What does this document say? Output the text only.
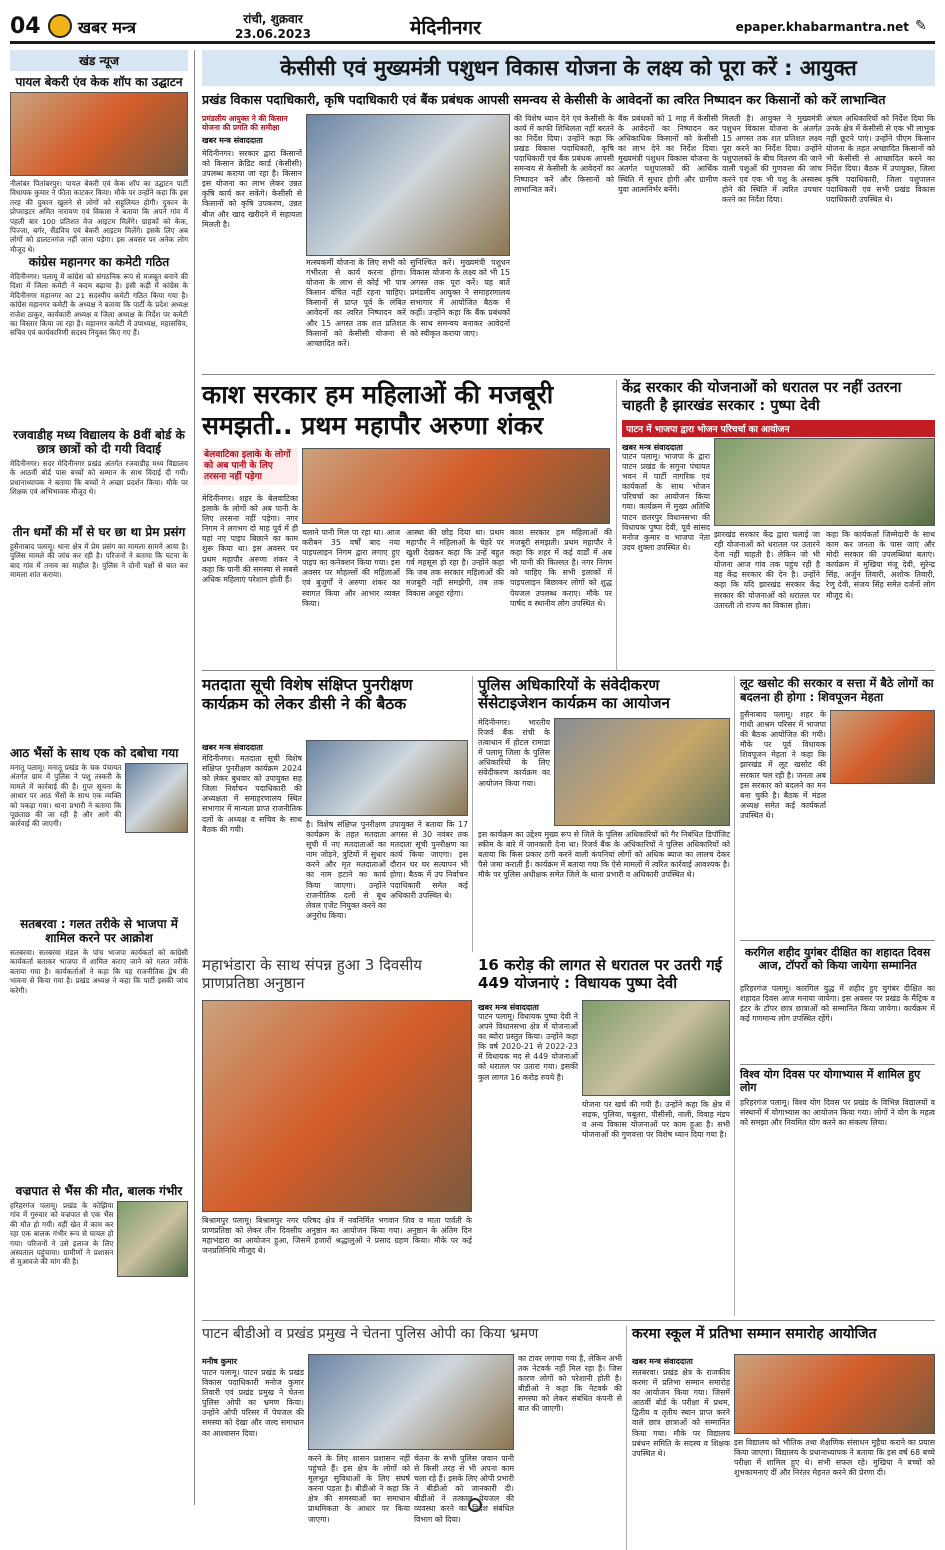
04 खबर मन्त्र	रांची, शुक्रवार
23.06.2023	मेदिनीनगर	epaper.khabarmantra.net ✎
खंड न्यूज
पायल बेकरी एंव केक शॉप का उद्घाटन
नीलांबर पितांबरपुर। पायल बेकरी एवं केक शॉप का उद्घाटन पार्टी विधायक कुमार ने फीता काटकर किया। मौके पर उन्होंने कहा कि इस तरह की दुकान खुलने से लोगों को सहूलियत होगी। दुकान के प्रोपराइटर अमित नारायण एवं विकास ने बताया कि अपने गांव में पहली बार 100 प्रतिशत वेज आइटम मिलेंगे। ग्राहकों को केक, पिज्जा, बर्गर, सैंडविच एवं बेकरी आइटम मिलेंगे। इसके लिए अब लोगों को डालटनगंज नहीं जाना पड़ेगा। इस अवसर पर अनेक लोग मौजूद थे।
कांग्रेस महानगर का कमेटी गठित
मेदिनीनगर। पलामू में कांग्रेस को संगठनिक रूप से मजबूत बनाने की दिशा में जिला कमेटी ने कदम बढ़ाया है। इसी कड़ी में कांग्रेस के मेदिनीनगर महानगर का 21 सदस्यीय कमेटी गठित किया गया है। कांग्रेस महानगर कमेटी के अध्यक्ष ने बताया कि पार्टी के प्रदेश अध्यक्ष राजेश ठाकुर, कार्यकारी अध्यक्ष व जिला अध्यक्ष के निर्देश पर कमेटी का विस्तार किया जा रहा है। महानगर कमेटी में उपाध्यक्ष, महासचिव, सचिव एवं कार्यकारिणी सदस्य नियुक्त किए गए हैं।
रजवाडीह मध्य विद्यालय के 8वीं बोर्ड के छात्र छात्रों को दी गयी विदाई
मेदिनीनगर। सदर मेदिनीनगर प्रखंड अंतर्गत रजवाडीह मध्य विद्यालय के आठवीं बोर्ड पास बच्चों को सम्मान के साथ विदाई दी गयी। प्रधानाध्यापक ने बताया कि बच्चों ने अच्छा प्रदर्शन किया। मौके पर शिक्षक एवं अभिभावक मौजूद थे।
तीन धर्मों की माँ से घर छा था प्रेम प्रसंग
हुसैनाबाद पलामू। थाना क्षेत्र में प्रेम प्रसंग का मामला सामने आया है। पुलिस मामले की जांच कर रही है। परिजनों ने बताया कि घटना के बाद गांव में तनाव का माहौल है। पुलिस ने दोनों पक्षों से बात कर मामला शांत कराया।
आठ भैंसों के साथ एक को दबोचा गया
मनातू पलामू। मनातू प्रखंड के चक पंचायत अंतर्गत ग्राम में पुलिस ने पशु तस्करी के मामले में कार्रवाई की है। गुप्त सूचना के आधार पर आठ भैंसों के साथ एक व्यक्ति को पकड़ा गया। थाना प्रभारी ने बताया कि पूछताछ की जा रही है और आगे की कार्रवाई की जाएगी।
सतबरवा : गलत तरीके से भाजपा में शामिल करने पर आक्रोश
सतबरवा। सतबरवा मंडल के पांच भाजपा कार्यकर्ता को कांग्रेसी कार्यकर्ता बताकर भाजपा में शामिल कराए जाने को गलत तरीके बताया गया है। कार्यकर्ताओं ने कहा कि यह राजनीतिक द्वेष की भावना से किया गया है। प्रखंड अध्यक्ष ने कहा कि पार्टी इसकी जांच करेगी।
वज्रपात से भैंस की मौत, बालक गंभीर
हरिहरगंज पलामू। प्रखंड के कोझिया गांव में गुरुवार को वज्रपात से एक भैंस की मौत हो गयी। वहीं खेत में काम कर रहा एक बालक गंभीर रूप से घायल हो गया। परिजनों ने उसे इलाज के लिए अस्पताल पहुंचाया। ग्रामीणों ने प्रशासन से मुआवजे की मांग की है।
केसीसी एवं मुख्यमंत्री पशुधन विकास योजना के लक्ष्य को पूरा करें : आयुक्त
प्रखंड विकास पदाधिकारी, कृषि पदाधिकारी एवं बैंक प्रबंधक आपसी समन्वय से केसीसी के आवेदनों का त्वरित निष्पादन कर किसानों को करें लाभान्वित
प्रमंडलीय आयुक्त ने की किसान योजना की प्रगति की समीक्षा
खबर मन्त्र संवाददाता
मेदिनीनगर। सरकार द्वारा किसानों को किसान क्रेडिट कार्ड (केसीसी) उपलब्ध कराया जा रहा है। किसान इस योजना का लाभ लेकर उन्नत कृषि कार्य कर सकेंगे। केसीसी से किसानों को कृषि उपकरण, उन्नत बीज और खाद खरीदने में सहायता मिलती है।
मत्स्यकर्मी योजना के लिए सभी को गंभीरता से कार्य करना होगा। योजना के लाभ से कोई भी पात्र किसान वंचित नहीं रहना चाहिए। किसानों से प्राप्त पूर्व के लंबित आवेदनों का त्वरित निष्पादन करें और 15 अगस्त तक शत प्रतिशत किसानों को केसीसी योजना से आच्छादित करें।
सुनिश्चित करें। मुख्यमंत्री पशुधन विकास योजना के लक्ष्य को भी 15 अगस्त तक पूरा करें। यह बातें प्रमंडलीय आयुक्त ने समाहरणालय सभागार में आयोजित बैठक में कहीं। उन्होंने कहा कि बैंक प्रबंधकों के साथ समन्वय बनाकर आवेदनों को स्वीकृत कराया जाए।
की विशेष ध्यान देने एवं केसीसी के कार्य में काफी शिथिलता नहीं बरतने का निर्देश दिया। उन्होंने कहा कि प्रखंड विकास पदाधिकारी, कृषि पदाधिकारी एवं बैंक प्रबंधक आपसी समन्वय से केसीसी के आवेदनों का निष्पादन करें और किसानों को लाभान्वित करें।
बैंक प्रबंधकों को 1 माह में केसीसी के आवेदनों का निष्पादन कर अधिकाधिक किसानों को केसीसी का लाभ देने का निर्देश दिया। मुख्यमंत्री पशुधन विकास योजना के अंतर्गत पशुपालकों की आर्थिक स्थिति में सुधार होगी और ग्रामीण युवा आत्मनिर्भर बनेंगे।
मिलती है। आयुक्त ने मुख्यमंत्री पशुधन विकास योजना के अंतर्गत 15 अगस्त तक शत प्रतिशत लक्ष्य पूरा करने का निर्देश दिया। उन्होंने पशुपालकों के बीच वितरण की जाने वाली पशुओं की गुणवत्ता की जांच करने एवं एक भी पशु के अस्वस्थ होने की स्थिति में त्वरित उपचार करने का निर्देश दिया।
अंचल अधिकारियों को निर्देश दिया कि उनके क्षेत्र में केसीसी से एक भी लाभुक नहीं छूटने पाएं। उन्होंने पीएम किसान योजना के तहत अच्छादित किसानों को भी केसीसी से आच्छादित करने का निर्देश दिया। बैठक में उपायुक्त, जिला कृषि पदाधिकारी, जिला पशुपालन पदाधिकारी एवं सभी प्रखंड विकास पदाधिकारी उपस्थित थे।
काश सरकार हम महिलाओं की मजबूरी
समझती.. प्रथम महापौर अरुणा शंकर
बेलवाटिका इलाके के लोगों को अब पानी के लिए तरसना नहीं पड़ेगा
मेदिनीनगर। शहर के बेलवाटिका इलाके के लोगों को अब पानी के लिए तरसना नहीं पड़ेगा। नगर निगम ने लगभग दो माह पूर्व में ही यहां नए पाइप बिछाने का काम शुरू किया था। इस अवसर पर प्रथम महापौर अरुणा शंकर ने कहा कि पानी की समस्या से सबसे अधिक महिलाएं परेशान होती हैं।
चलाने पानी मिल पा रहा था। आज करीबन 35 वर्षों बाद नया पाइपलाइन निगम द्वारा लगाए हुए पाइप का कनेक्शन किया गया। इस अवसर पर मोहल्लों की महिलाओं एवं बुजुर्गों ने अरुणा शंकर का स्वागत किया और आभार व्यक्त किया।
आस्था की छोड़ दिया था। प्रथम महापौर ने महिलाओं के चेहरे पर खुशी देखकर कहा कि उन्हें बहुत गर्व महसूस हो रहा है। उन्होंने कहा कि जब तक सरकार महिलाओं की मजबूरी नहीं समझेगी, तब तक विकास अधूरा रहेगा।
काश सरकार हम महिलाओं की मजबूरी समझती। प्रथम महापौर ने कहा कि शहर में कई वार्डों में अब भी पानी की किल्लत है। नगर निगम को चाहिए कि सभी इलाकों में पाइपलाइन बिछाकर लोगों को शुद्ध पेयजल उपलब्ध कराए। मौके पर पार्षद व स्थानीय लोग उपस्थित थे।
केंद्र सरकार की योजनाओं को धरातल पर नहीं उतरना चाहती है झारखंड सरकार : पुष्पा देवी
पाटन में भाजपा द्वारा भोजन परिचर्चा का आयोजन
खबर मन्त्र संवाददाता
पाटन पलामू। भाजपा के द्वारा पाटन प्रखंड के सगुना पंचायत भवन में पार्टी नागरिक एवं कार्यकर्ता के साथ भोजन परिचर्चा का आयोजन किया गया। कार्यक्रम में मुख्य अतिथि पाटन छतरपुर विधानसभा की विधायक पुष्पा देवी, पूर्व सांसद मनोज कुमार व भाजपा नेता उदय शुक्ला उपस्थित थे।
झारखंड सरकार केंद्र द्वारा चलाई जा रही योजनाओं को धरातल पर उतारने देना नहीं चाहती है। लेकिन जो भी योजना आज गांव तक पहुंच रही है वह केंद्र सरकार की देन है। उन्होंने कहा कि यदि झारखंड सरकार केंद्र सरकार की योजनाओं को धरातल पर उतारती तो राज्य का विकास होता।
कहा कि कार्यकर्ता जिम्मेदारी के साथ काम कर जनता के पास जाएं और मोदी सरकार की उपलब्धियां बताएं। कार्यक्रम में मुखिया मंजू देवी, सुरेन्द्र सिंह, अर्जुन तिवारी, अशोक तिवारी, रेणु देवी, संजय सिंह समेत दर्जनों लोग मौजूद थे।
मतदाता सूची विशेष संक्षिप्त पुनरीक्षण कार्यक्रम को लेकर डीसी ने की बैठक
खबर मन्त्र संवाददाता
मेदिनीनगर। मतदाता सूची विशेष संक्षिप्त पुनरीक्षण कार्यक्रम 2024 को लेकर बुधवार को उपायुक्त सह जिला निर्वाचन पदाधिकारी की अध्यक्षता में समाहरणालय स्थित सभागार में मान्यता प्राप्त राजनीतिक दलों के अध्यक्ष व सचिव के साथ बैठक की गयी।
है। विशेष संक्षिप्त पुनरीक्षण कार्यक्रम के तहत मतदाता सूची में नए मतदाताओं का नाम जोड़ने, त्रुटियों में सुधार करने और मृत मतदाताओं का नाम हटाने का कार्य किया जाएगा। उन्होंने राजनीतिक दलों से बूथ लेवल एजेंट नियुक्त करने का अनुरोध किया।
उपायुक्त ने बताया कि 17 अगस्त से 30 नवंबर तक मतदाता सूची पुनरीक्षण का कार्य किया जाएगा। इस दौरान घर घर सत्यापन भी होगा। बैठक में उप निर्वाचन पदाधिकारी समेत कई अधिकारी उपस्थित थे।
पुलिस अधिकारियों के संवेदीकरण सेंसेटाइजेशन कार्यक्रम का आयोजन
मेदिनीनगर। भारतीय रिजर्व बैंक रांची के तत्वाधान में होटल रामाडा में पलामू जिला के पुलिस अधिकारियों के लिए संवेदीकरण कार्यक्रम का आयोजन किया गया।
इस कार्यक्रम का उद्देश्य मुख्य रूप से जिले के पुलिस अधिकारियों को गैर निबंधित डिपॉजिट स्कीम के बारे में जानकारी देना था। रिजर्व बैंक के अधिकारियों ने पुलिस अधिकारियों को बताया कि किस प्रकार ठगी करने वाली कंपनियां लोगों को अधिक ब्याज का लालच देकर पैसे जमा कराती हैं। कार्यक्रम में बताया गया कि ऐसे मामलों में त्वरित कार्रवाई आवश्यक है। मौके पर पुलिस अधीक्षक समेत जिले के थाना प्रभारी व अधिकारी उपस्थित थे।
लूट खसोट की सरकार व सत्ता में बैठे लोगों का बदलना ही होगा : शिवपूजन मेहता
हुसैनाबाद पलामू। शहर के गांधी आश्रम परिसर में भाजपा की बैठक आयोजित की गयी। मौके पर पूर्व विधायक शिवपूजन मेहता ने कहा कि झारखंड में लूट खसोट की सरकार चल रही है। जनता अब इस सरकार को बदलने का मन बना चुकी है। बैठक में मंडल अध्यक्ष समेत कई कार्यकर्ता उपस्थित थे।
करगिल शहीद युगंबर दीक्षित का शहादत दिवस आज, टॉपरों को किया जायेगा सम्मानित
हरिहरगंज पलामू। कारगिल युद्ध में शहीद हुए युगंबर दीक्षित का शहादत दिवस आज मनाया जायेगा। इस अवसर पर प्रखंड के मैट्रिक व इंटर के टॉपर छात्र छात्राओं को सम्मानित किया जायेगा। कार्यक्रम में कई गणमान्य लोग उपस्थित रहेंगे।
विश्व योग दिवस पर योगाभ्यास में शामिल हुए लोग
हरिहरगंज पलामू। विश्व योग दिवस पर प्रखंड के विभिन्न विद्यालयों व संस्थानों में योगाभ्यास का आयोजन किया गया। लोगों ने योग के महत्व को समझा और नियमित योग करने का संकल्प लिया।
महाभंडारा के साथ संपन्न हुआ 3 दिवसीय प्राणप्रतिष्ठा अनुष्ठान
बिश्रामपुर पलामू। बिश्रामपुर नगर परिषद क्षेत्र में नवनिर्मित भगवान शिव व माता पार्वती के प्राणप्रतिष्ठा को लेकर तीन दिवसीय अनुष्ठान का आयोजन किया गया। अनुष्ठान के अंतिम दिन महाभंडारा का आयोजन हुआ, जिसमें हजारों श्रद्धालुओं ने प्रसाद ग्रहण किया। मौके पर कई जनप्रतिनिधि मौजूद थे।
16 करोड़ की लागत से धरातल पर उतरी गई 449 योजनाएं : विधायक पुष्पा देवी
खबर मन्त्र संवाददाता
पाटन पलामू। विधायक पुष्पा देवी ने अपने विधानसभा क्षेत्र में योजनाओं का ब्योरा प्रस्तुत किया। उन्होंने कहा कि वर्ष 2020-21 से 2022-23 में विधायक मद से 449 योजनाओं को धरातल पर उतारा गया। इसकी कुल लागत 16 करोड़ रुपये है।
योजना पर खर्च की गयी है। उन्होंने कहा कि क्षेत्र में सड़क, पुलिया, चबूतरा, पीसीसी, नाली, विवाह मंडप व अन्य विकास योजनाओं पर काम हुआ है। सभी योजनाओं की गुणवत्ता पर विशेष ध्यान दिया गया है।
पाटन बीडीओ व प्रखंड प्रमुख ने चेतना पुलिस ओपी का किया भ्रमण
मनीष कुमार
पाटन पलामू। पाटन प्रखंड के प्रखंड विकास पदाधिकारी मनोज कुमार तिवारी एवं प्रखंड प्रमुख ने चेतना पुलिस ओपी का भ्रमण किया। उन्होंने ओपी परिसर में पेयजल की समस्या को देखा और जल्द समाधान का आश्वासन दिया।
करने के लिए शासन प्रशासन नहीं पहुंचते हैं। इस क्षेत्र के लोगों को मूलभूत सुविधाओं के लिए संघर्ष करना पड़ता है। बीडीओ ने कहा कि क्षेत्र की समस्याओं का समाधान प्राथमिकता के आधार पर किया जाएगा।
चेतना के सभी पुलिस जवान पानी से किसी तरह से भी अपना काम चला रहे हैं। इसके लिए ओपी प्रभारी ने बीडीओ को जानकारी दी। बीडीओ ने तत्काल पेयजल की व्यवस्था करने का निर्देश संबंधित विभाग को दिया।
का टावर लगाया गया है, लेकिन अभी तक नेटवर्क नहीं मिल रहा है। जिस कारण लोगों को परेशानी होती है। बीडीओ ने कहा कि नेटवर्क की समस्या को लेकर संबंधित कंपनी से बात की जाएगी।
करमा स्कूल में प्रतिभा सम्मान समारोह आयोजित
खबर मन्त्र संवाददाता
सतबरवा। प्रखंड क्षेत्र के राजकीय करमा में प्रतिभा सम्मान समारोह का आयोजन किया गया। जिसमें आठवीं बोर्ड के परीक्षा में प्रथम, द्वितीय व तृतीय स्थान प्राप्त करने वाले छात्र छात्राओं को सम्मानित किया गया। मौके पर विद्यालय प्रबंधन समिति के सदस्य व शिक्षक उपस्थित थे।
इस विद्यालय को भौतिक तथा शैक्षणिक संसाधन मुहैया कराने का प्रयास किया जाएगा। विद्यालय के प्रधानाध्यापक ने बताया कि इस वर्ष 68 बच्चे परीक्षा में शामिल हुए थे। सभी सफल रहे। मुखिया ने बच्चों को शुभकामनाएं दीं और निरंतर मेहनत करने की प्रेरणा दी।
